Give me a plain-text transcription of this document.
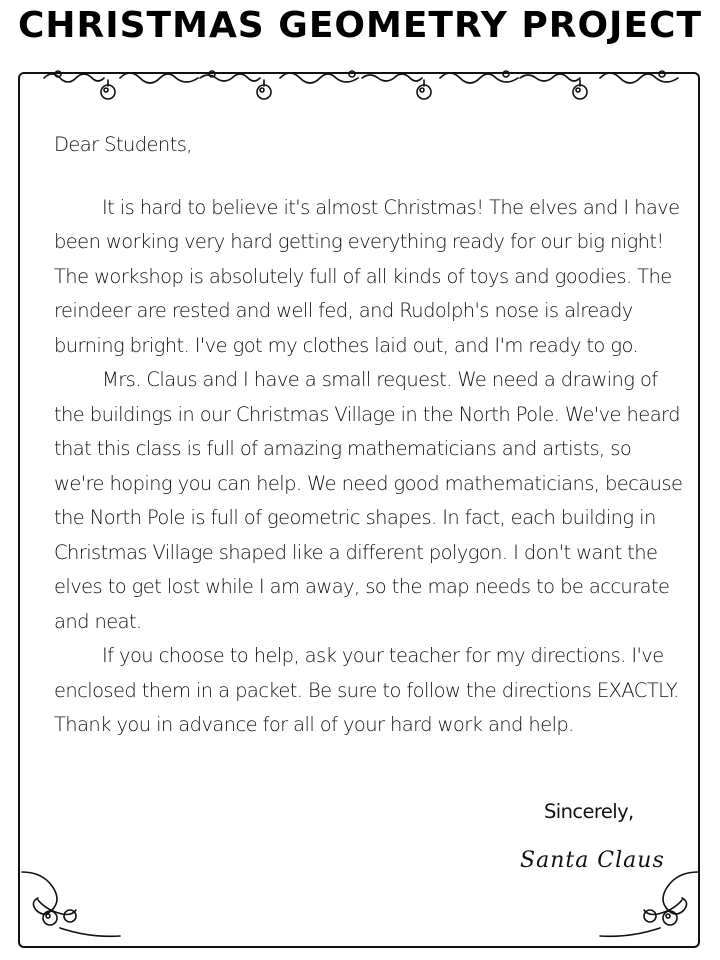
CHRISTMAS GEOMETRY PROJECT

Dear Students,

It is hard to believe it's almost Christmas! The elves and I have been working very hard getting everything ready for our big night! The workshop is absolutely full of all kinds of toys and goodies. The reindeer are rested and well fed, and Rudolph's nose is already burning bright. I've got my clothes laid out, and I'm ready to go.

Mrs. Claus and I have a small request. We need a drawing of the buildings in our Christmas Village in the North Pole. We've heard that this class is full of amazing mathematicians and artists, so we're hoping you can help. We need good mathematicians, because the North Pole is full of geometric shapes. In fact, each building in Christmas Village shaped like a different polygon. I don't want the elves to get lost while I am away, so the map needs to be accurate and neat.

If you choose to help, ask your teacher for my directions. I've enclosed them in a packet. Be sure to follow the directions EXACTLY. Thank you in advance for all of your hard work and help.

Sincerely,
Santa Claus
